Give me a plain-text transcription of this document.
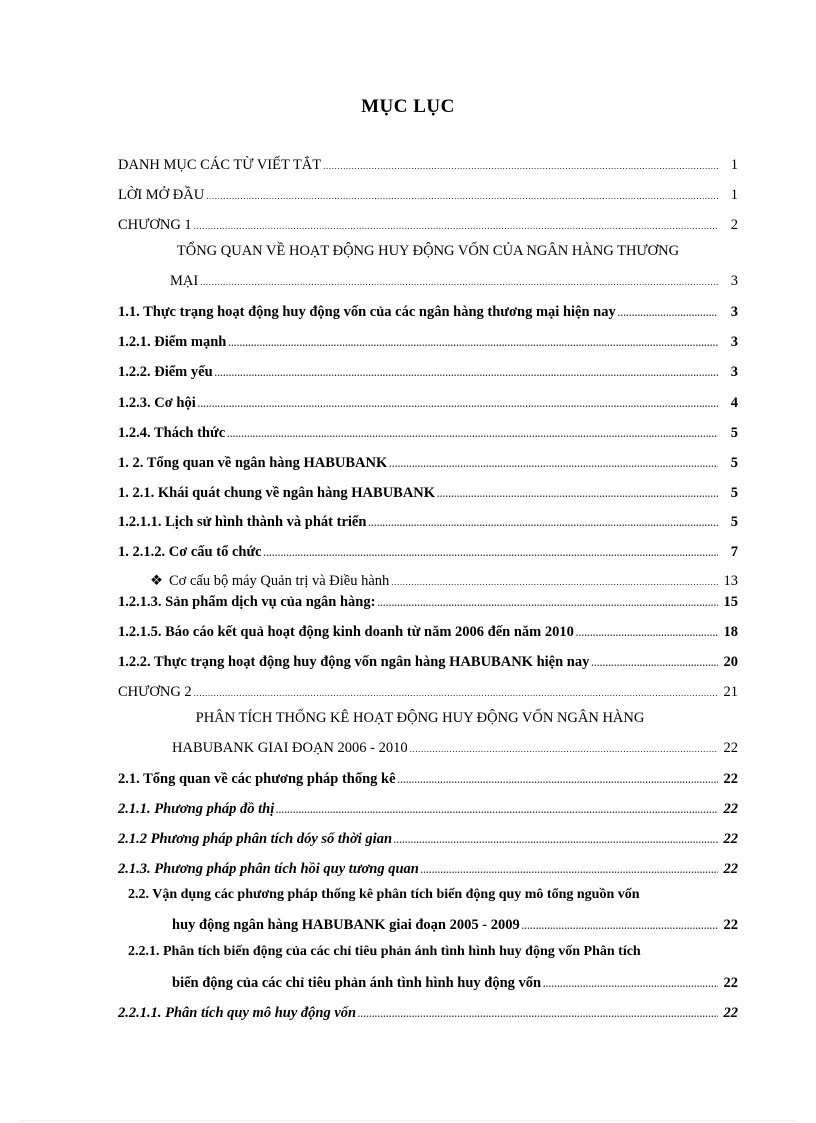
MỤC LỤC
DANH MỤC CÁC TỪ VIẾT TẮT .....	1
LỜI MỞ ĐẦU .....	1
CHƯƠNG 1 .....	2
TỔNG QUAN VỀ HOẠT ĐỘNG HUY ĐỘNG VỐN CỦA NGÂN HÀNG THƯƠNG
MẠI .....	3
1.1. Thực trạng hoạt động huy động vốn của các ngân hàng thương mại hiện nay .....	3
1.2.1. Điểm mạnh .....	3
1.2.2. Điểm yếu .....	3
1.2.3. Cơ hội .....	4
1.2.4. Thách thức .....	5
1. 2. Tổng quan về ngân hàng HABUBANK .....	5
1. 2.1. Khái quát chung về ngân hàng HABUBANK .....	5
1.2.1.1. Lịch sử hình thành và phát triển .....	5
1. 2.1.2. Cơ cấu tổ chức .....	7
❖ Cơ cấu bộ máy Quản trị và Điều hành .....	13
1.2.1.3. Sản phẩm dịch vụ của ngân hàng: .....	15
1.2.1.5. Báo cáo kết quả hoạt động kinh doanh từ năm 2006 đến năm 2010 .....	18
1.2.2. Thực trạng hoạt động huy động vốn ngân hàng HABUBANK hiện nay .....	20
CHƯƠNG 2 .....	21
PHÂN TÍCH THỐNG KÊ HOẠT ĐỘNG HUY ĐỘNG VỐN NGÂN HÀNG
HABUBANK GIAI ĐOẠN 2006 - 2010 .....	22
2.1. Tổng quan về các phương pháp thống kê .....	22
2.1.1. Phương pháp đồ thị .....	22
2.1.2 Phương pháp phân tích dóy số thời gian .....	22
2.1.3. Phương pháp phân tích hồi quy tương quan .....	22
2.2. Vận dụng các phương pháp thống kê phân tích biến động quy mô tổng nguồn vốn
huy động ngân hàng HABUBANK giai đoạn 2005 - 2009 .....	22
2.2.1. Phân tích biến động của các chỉ tiêu phản ánh tình hình huy động vốn Phân tích
biến động của các chỉ tiêu phản ánh tình hình huy động vốn .....	22
2.2.1.1. Phân tích quy mô huy động vốn .....	22
